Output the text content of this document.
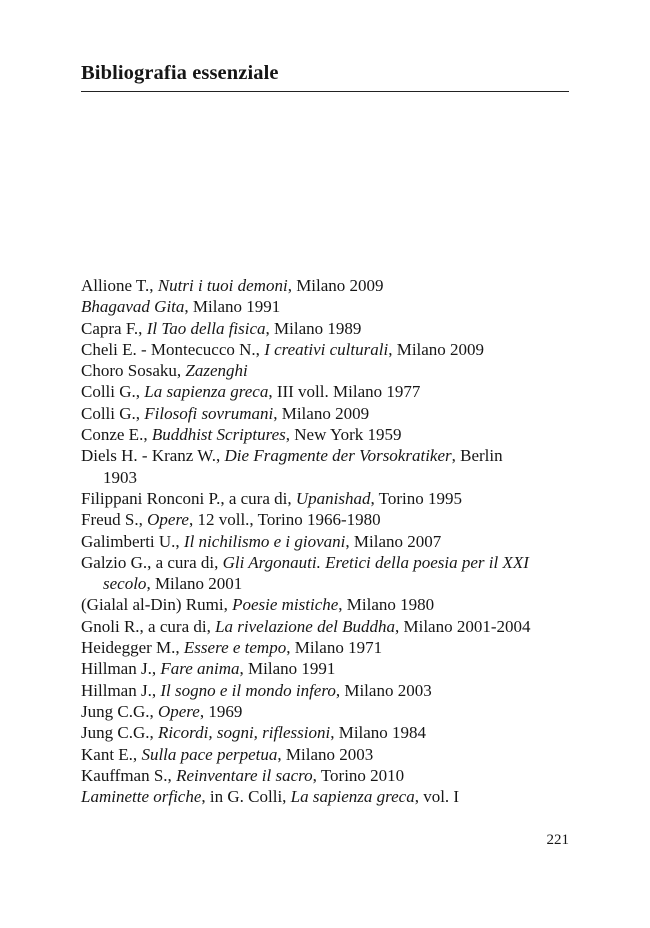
Bibliografia essenziale
Allione T., Nutri i tuoi demoni, Milano 2009
Bhagavad Gita, Milano 1991
Capra F., Il Tao della fisica, Milano 1989
Cheli E. - Montecucco N., I creativi culturali, Milano 2009
Choro Sosaku, Zazenghi
Colli G., La sapienza greca, III voll. Milano 1977
Colli G., Filosofi sovrumani, Milano 2009
Conze E., Buddhist Scriptures, New York 1959
Diels H. - Kranz W., Die Fragmente der Vorsokratiker, Berlin
1903
Filippani Ronconi P., a cura di, Upanishad, Torino 1995
Freud S., Opere, 12 voll., Torino 1966-1980
Galimberti U., Il nichilismo e i giovani, Milano 2007
Galzio G., a cura di, Gli Argonauti. Eretici della poesia per il XXI
secolo, Milano 2001
(Gialal al-Din) Rumi, Poesie mistiche, Milano 1980
Gnoli R., a cura di, La rivelazione del Buddha, Milano 2001-2004
Heidegger M., Essere e tempo, Milano 1971
Hillman J., Fare anima, Milano 1991
Hillman J., Il sogno e il mondo infero, Milano 2003
Jung C.G., Opere, 1969
Jung C.G., Ricordi, sogni, riflessioni, Milano 1984
Kant E., Sulla pace perpetua, Milano 2003
Kauffman S., Reinventare il sacro, Torino 2010
Laminette orfiche, in G. Colli, La sapienza greca, vol. I
221
